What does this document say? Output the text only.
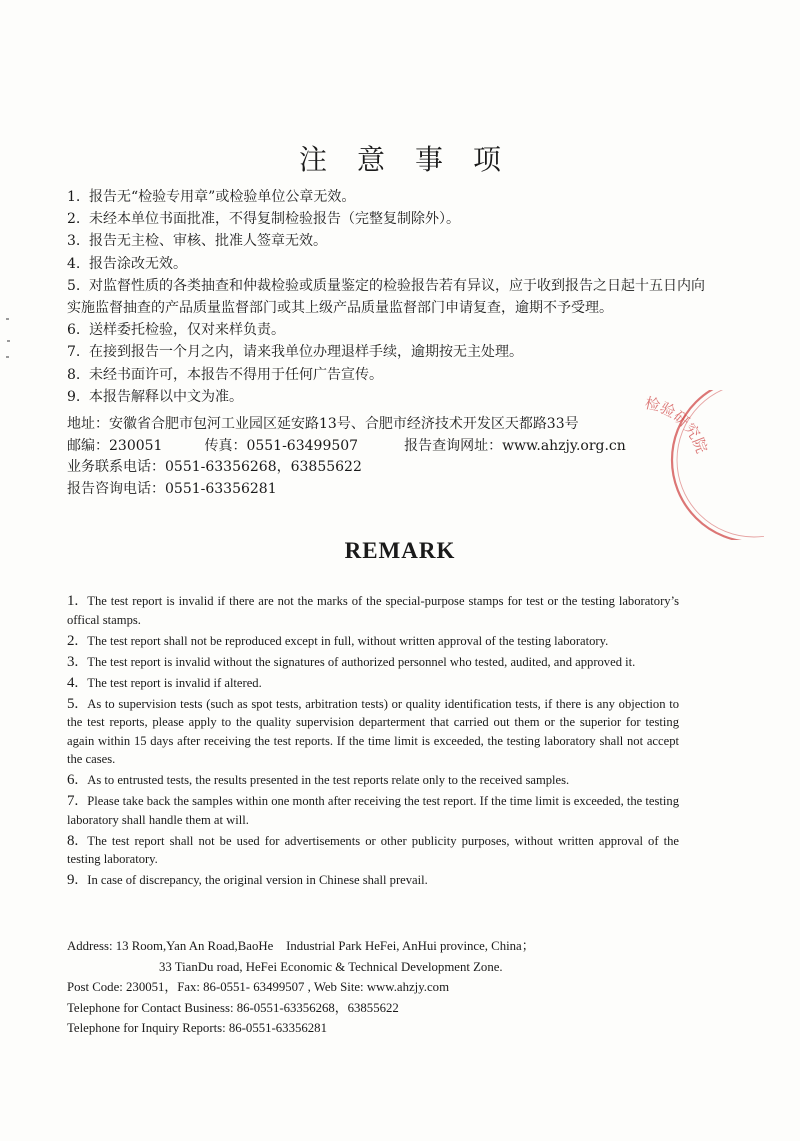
注意事项
1. 报告无“检验专用章”或检验单位公章无效。
2. 未经本单位书面批准，不得复制检验报告（完整复制除外）。
3. 报告无主检、审核、批准人签章无效。
4. 报告涂改无效。
5. 对监督性质的各类抽查和仲裁检验或质量鉴定的检验报告若有异议，应于收到报告之日起十五日内向实施监督抽查的产品质量监督部门或其上级产品质量监督部门申请复查，逾期不予受理。
6. 送样委托检验，仅对来样负责。
7. 在接到报告一个月之内，请来我单位办理退样手续，逾期按无主处理。
8. 未经书面许可，本报告不得用于任何广告宣传。
9. 本报告解释以中文为准。
地址：安徽省合肥市包河工业园区延安路13号、合肥市经济技术开发区天都路33号
邮编：230051	传真：0551-63499507	报告查询网址：www.ahzjy.org.cn
业务联系电话：0551-63356268，63855622
报告咨询电话：0551-63356281
检验研究院
REMARK
1. The test report is invalid if there are not the marks of the special-purpose stamps for test or the testing laboratory’s offical stamps.
2. The test report shall not be reproduced except in full, without written approval of the testing laboratory.
3. The test report is invalid without the signatures of authorized personnel who tested, audited, and approved it.
4. The test report is invalid if altered.
5. As to supervision tests (such as spot tests, arbitration tests) or quality identification tests, if there is any objection to the test reports, please apply to the quality supervision departerment that carried out them or the superior for testing again within 15 days after receiving the test reports. If the time limit is exceeded, the testing laboratory shall not accept the cases.
6. As to entrusted tests, the results presented in the test reports relate only to the received samples.
7. Please take back the samples within one month after receiving the test report. If the time limit is exceeded, the testing laboratory shall handle them at will.
8. The test report shall not be used for advertisements or other publicity purposes, without written approval of the testing laboratory.
9. In case of discrepancy, the original version in Chinese shall prevail.
Address: 13 Room,Yan An Road,BaoHe　Industrial Park HeFei, AnHui province, China；
33 TianDu road, HeFei Economic & Technical Development Zone.
Post Code: 230051，Fax: 86-0551- 63499507 , Web Site: www.ahzjy.com
Telephone for Contact Business: 86-0551-63356268，63855622
Telephone for Inquiry Reports: 86-0551-63356281
